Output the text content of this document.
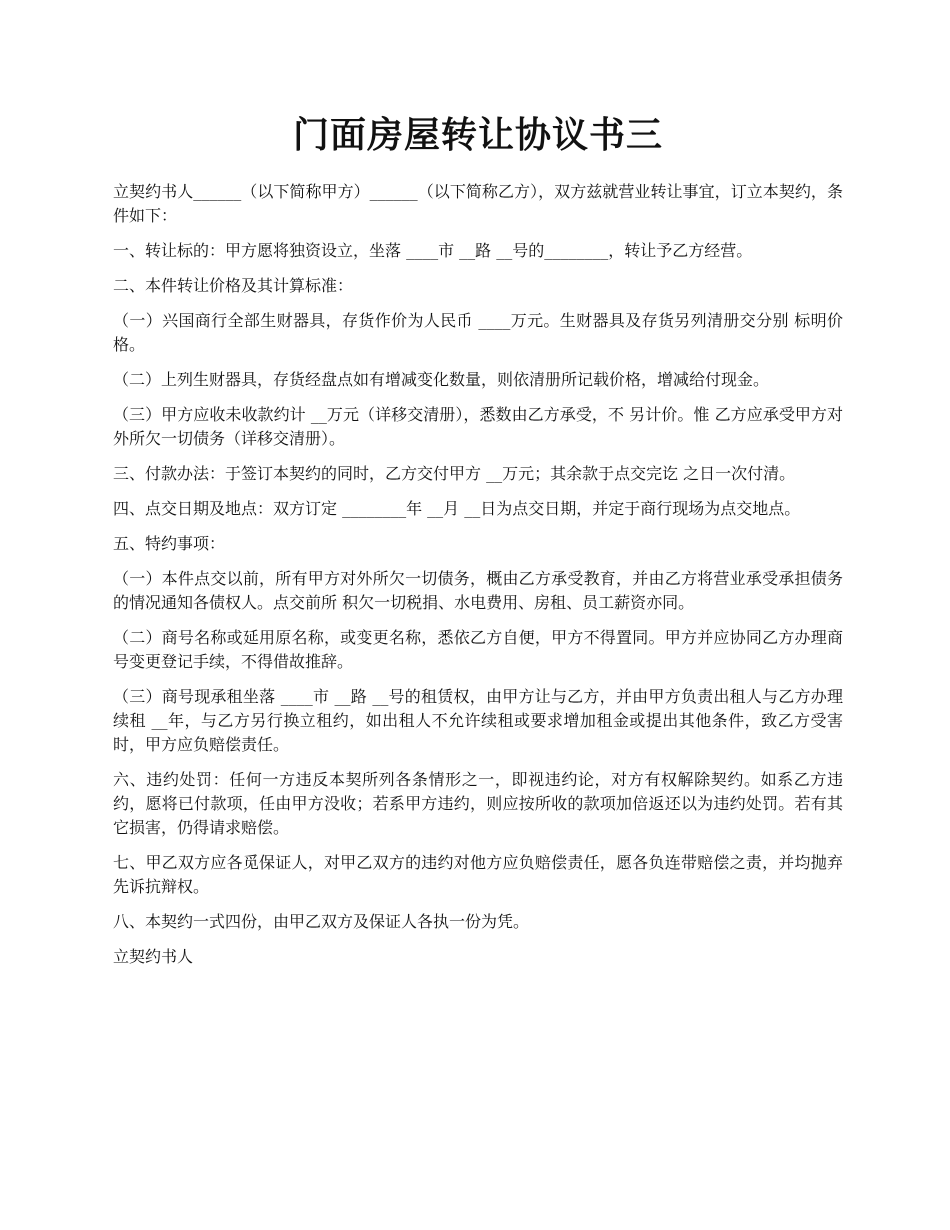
门面房屋转让协议书三

立契约书人______（以下简称甲方）______（以下简称乙方），双方兹就营业转让事宜，订立本契约，条件如下：

一、转让标的：甲方愿将独资设立，坐落 ____市 __路 __号的________，转让予乙方经营。

二、本件转让价格及其计算标准：

（一）兴国商行全部生财器具，存货作价为人民币 ____万元。生财器具及存货另列清册交分别 标明价格。

（二）上列生财器具，存货经盘点如有增减变化数量，则依清册所记载价格，增减给付现金。

（三）甲方应收未收款约计 __万元（详移交清册），悉数由乙方承受，不 另计价。惟 乙方应承受甲方对外所欠一切债务（详移交清册）。

三、付款办法：于签订本契约的同时，乙方交付甲方 __万元；其余款于点交完讫 之日一次付清。

四、点交日期及地点：双方订定 ________年 __月 __日为点交日期，并定于商行现场为点交地点。

五、特约事项：

（一）本件点交以前，所有甲方对外所欠一切债务，概由乙方承受教育，并由乙方将营业承受承担债务的情况通知各债权人。点交前所 积欠一切税捐、水电费用、房租、员工薪资亦同。

（二）商号名称或延用原名称，或变更名称，悉依乙方自便，甲方不得置同。甲方并应协同乙方办理商号变更登记手续，不得借故推辞。

（三）商号现承租坐落 ____市 __路 __号的租赁权，由甲方让与乙方，并由甲方负责出租人与乙方办理续租 __年，与乙方另行换立租约，如出租人不允许续租或要求增加租金或提出其他条件，致乙方受害时，甲方应负赔偿责任。

六、违约处罚：任何一方违反本契所列各条情形之一，即视违约论，对方有权解除契约。如系乙方违约，愿将已付款项，任由甲方没收；若系甲方违约，则应按所收的款项加倍返还以为违约处罚。若有其它损害，仍得请求赔偿。

七、甲乙双方应各觅保证人，对甲乙双方的违约对他方应负赔偿责任，愿各负连带赔偿之责，并均抛弃先诉抗辩权。

八、本契约一式四份，由甲乙双方及保证人各执一份为凭。

立契约书人
